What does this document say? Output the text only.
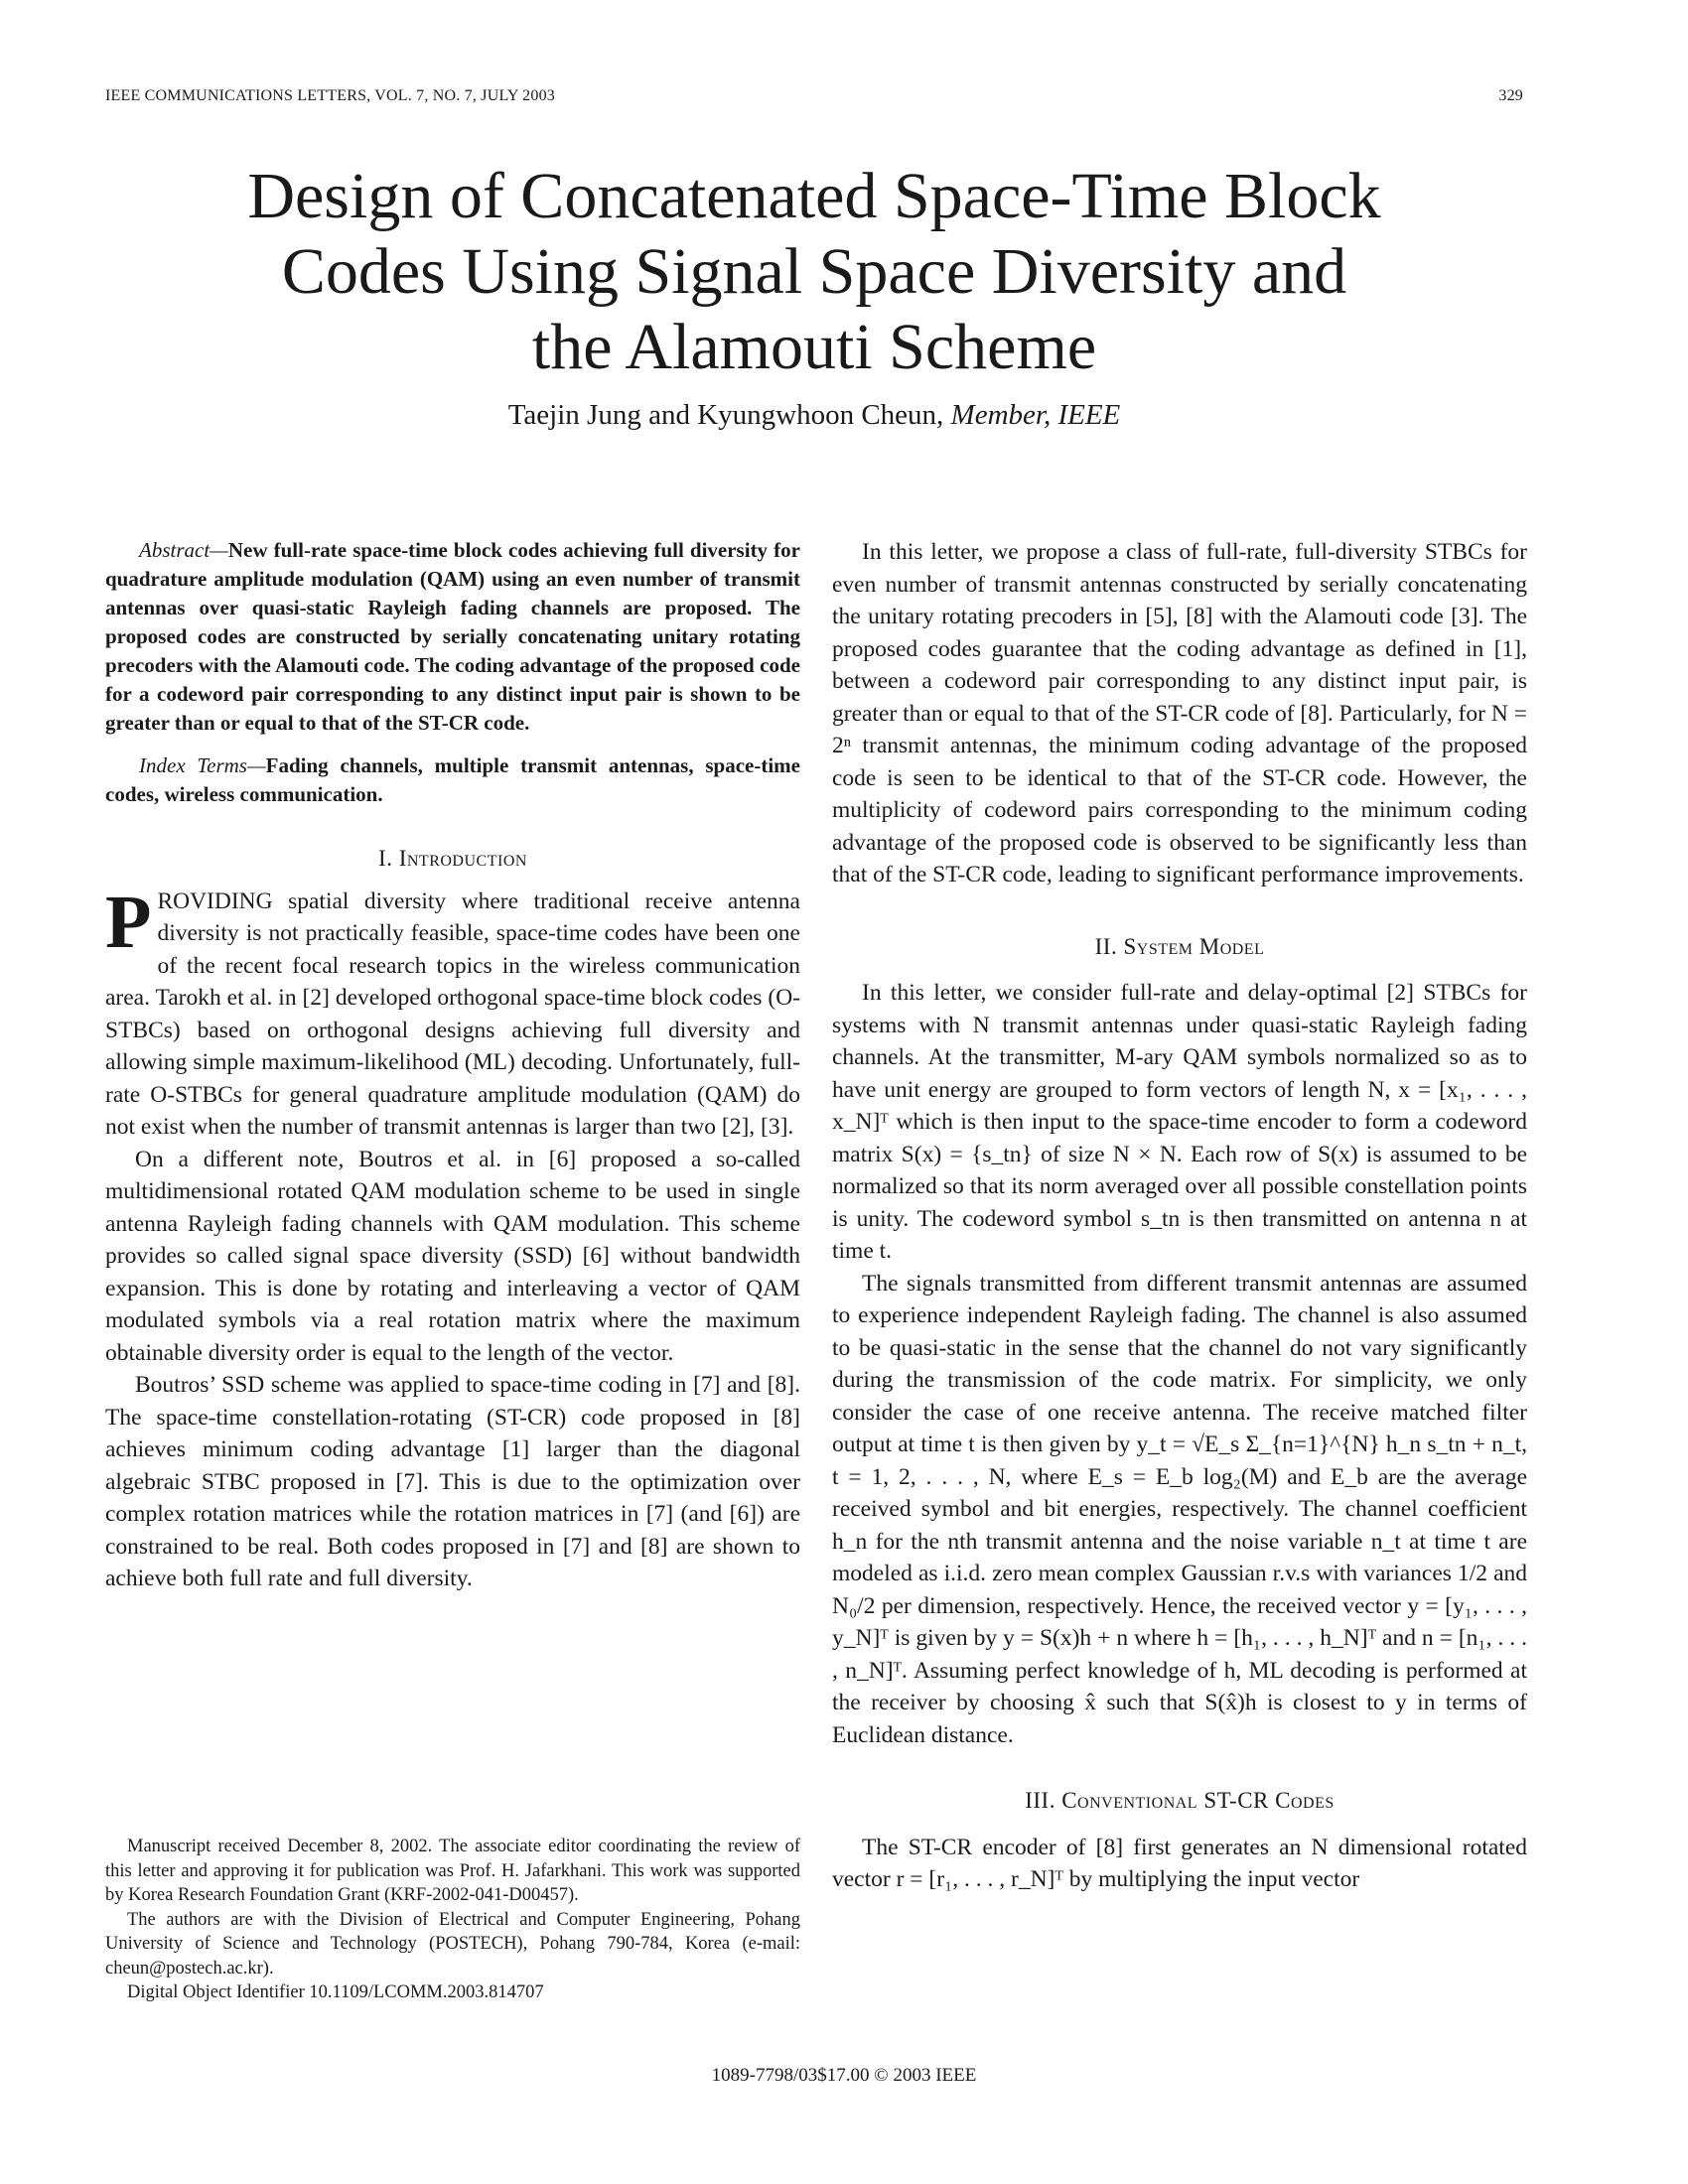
IEEE COMMUNICATIONS LETTERS, VOL. 7, NO. 7, JULY 2003	329
Design of Concatenated Space-Time Block
Codes Using Signal Space Diversity and
the Alamouti Scheme
Taejin Jung and Kyungwhoon Cheun, Member, IEEE

Abstract—New full-rate space-time block codes achieving full diversity for quadrature amplitude modulation (QAM) using an even number of transmit antennas over quasi-static Rayleigh fading channels are proposed. The proposed codes are constructed by serially concatenating unitary rotating precoders with the Alamouti code. The coding advantage of the proposed code for a codeword pair corresponding to any distinct input pair is shown to be greater than or equal to that of the ST-CR code.

Index Terms—Fading channels, multiple transmit antennas, space-time codes, wireless communication.

I. Introduction

PROVIDING spatial diversity where traditional receive antenna diversity is not practically feasible, space-time codes have been one of the recent focal research topics in the wireless communication area. Tarokh et al. in [2] developed orthogonal space-time block codes (O-STBCs) based on orthogonal designs achieving full diversity and allowing simple maximum-likelihood (ML) decoding. Unfortunately, full-rate O-STBCs for general quadrature amplitude modulation (QAM) do not exist when the number of transmit antennas is larger than two [2], [3].

On a different note, Boutros et al. in [6] proposed a so-called multidimensional rotated QAM modulation scheme to be used in single antenna Rayleigh fading channels with QAM modulation. This scheme provides so called signal space diversity (SSD) [6] without bandwidth expansion. This is done by rotating and interleaving a vector of QAM modulated symbols via a real rotation matrix where the maximum obtainable diversity order is equal to the length of the vector.

Boutros’ SSD scheme was applied to space-time coding in [7] and [8]. The space-time constellation-rotating (ST-CR) code proposed in [8] achieves minimum coding advantage [1] larger than the diagonal algebraic STBC proposed in [7]. This is due to the optimization over complex rotation matrices while the rotation matrices in [7] (and [6]) are constrained to be real. Both codes proposed in [7] and [8] are shown to achieve both full rate and full diversity.

In this letter, we propose a class of full-rate, full-diversity STBCs for even number of transmit antennas constructed by serially concatenating the unitary rotating precoders in [5], [8] with the Alamouti code [3]. The proposed codes guarantee that the coding advantage as defined in [1], between a codeword pair corresponding to any distinct input pair, is greater than or equal to that of the ST-CR code of [8]. Particularly, for N = 2ⁿ transmit antennas, the minimum coding advantage of the proposed code is seen to be identical to that of the ST-CR code. However, the multiplicity of codeword pairs corresponding to the minimum coding advantage of the proposed code is observed to be significantly less than that of the ST-CR code, leading to significant performance improvements.

II. System Model

In this letter, we consider full-rate and delay-optimal [2] STBCs for systems with N transmit antennas under quasi-static Rayleigh fading channels. At the transmitter, M-ary QAM symbols normalized so as to have unit energy are grouped to form vectors of length N, x = [x₁, . . . , x_N]ᵀ which is then input to the space-time encoder to form a codeword matrix S(x) = {s_tn} of size N × N. Each row of S(x) is assumed to be normalized so that its norm averaged over all possible constellation points is unity. The codeword symbol s_tn is then transmitted on antenna n at time t.

The signals transmitted from different transmit antennas are assumed to experience independent Rayleigh fading. The channel is also assumed to be quasi-static in the sense that the channel do not vary significantly during the transmission of the code matrix. For simplicity, we only consider the case of one receive antenna. The receive matched filter output at time t is then given by y_t = √E_s Σ_{n=1}^{N} h_n s_tn + n_t, t = 1, 2, . . . , N, where E_s = E_b log₂(M) and E_b are the average received symbol and bit energies, respectively. The channel coefficient h_n for the nth transmit antenna and the noise variable n_t at time t are modeled as i.i.d. zero mean complex Gaussian r.v.s with variances 1/2 and N₀/2 per dimension, respectively. Hence, the received vector y = [y₁, . . . , y_N]ᵀ is given by y = S(x)h + n where h = [h₁, . . . , h_N]ᵀ and n = [n₁, . . . , n_N]ᵀ. Assuming perfect knowledge of h, ML decoding is performed at the receiver by choosing x̂ such that S(x̂)h is closest to y in terms of Euclidean distance.

III. Conventional ST-CR Codes

The ST-CR encoder of [8] first generates an N dimensional rotated vector r = [r₁, . . . , r_N]ᵀ by multiplying the input vector

Manuscript received December 8, 2002. The associate editor coordinating the review of this letter and approving it for publication was Prof. H. Jafarkhani. This work was supported by Korea Research Foundation Grant (KRF-2002-041-D00457).

The authors are with the Division of Electrical and Computer Engineering, Pohang University of Science and Technology (POSTECH), Pohang 790-784, Korea (e-mail: cheun@postech.ac.kr).

Digital Object Identifier 10.1109/LCOMM.2003.814707

1089-7798/03$17.00 © 2003 IEEE
